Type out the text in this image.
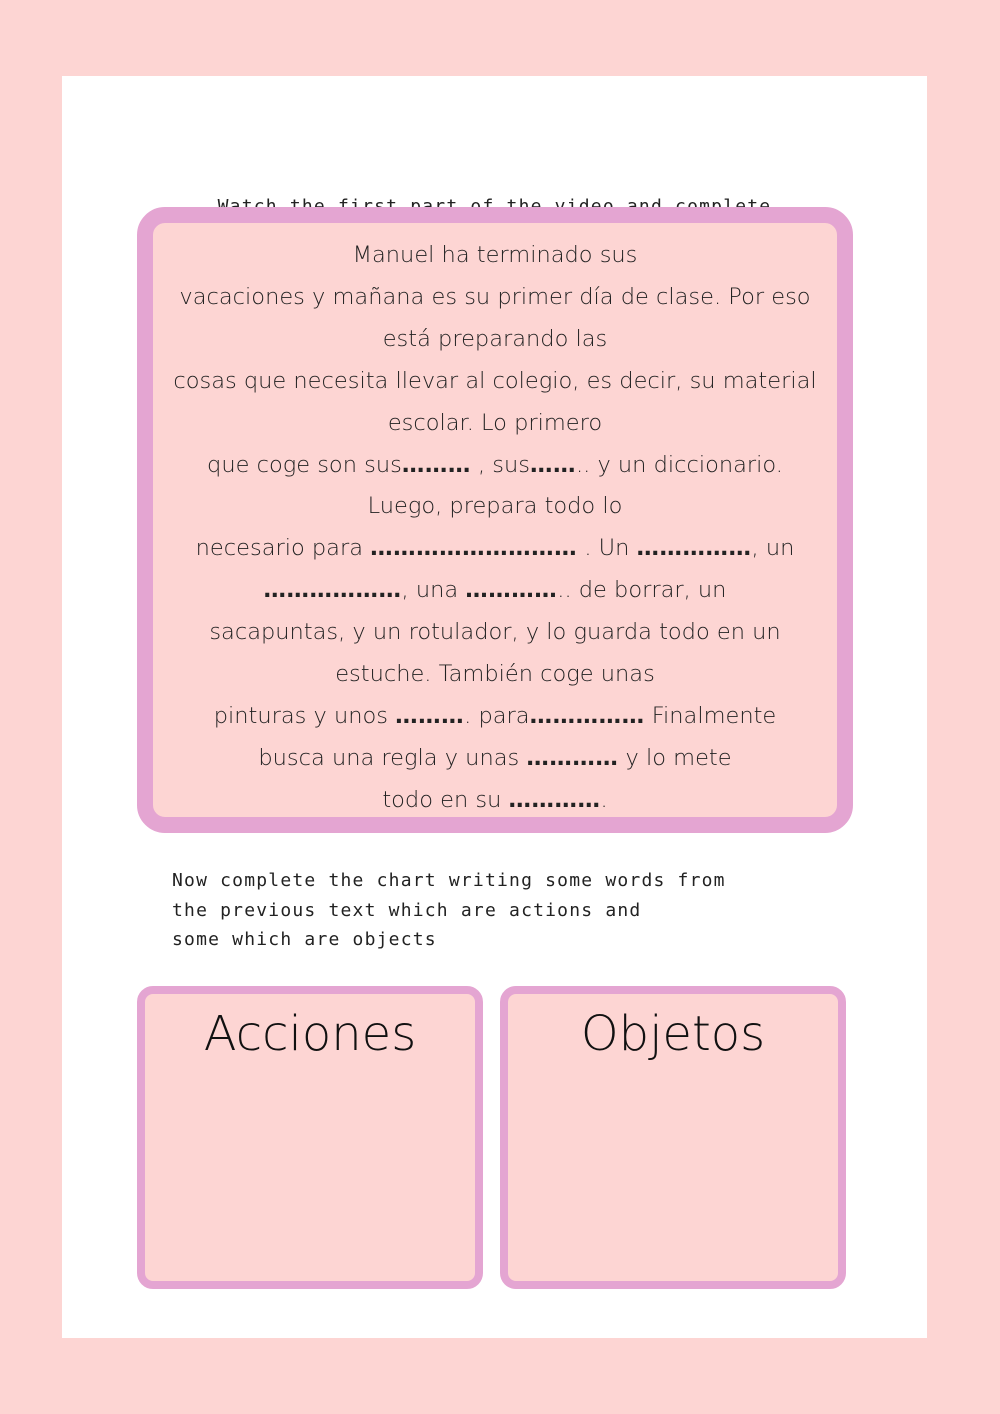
Manuel ha terminado sus
vacaciones y mañana es su primer día de clase. Por eso
está preparando las
cosas que necesita llevar al colegio, es decir, su material
escolar. Lo primero
que coge son sus……… , sus…….. y un diccionario.
Luego, prepara todo lo
necesario para ……………………… . Un ……………, un
………………, una ………….. de borrar, un
sacapuntas, y un rotulador, y lo guarda todo en un
estuche. También coge unas
pinturas y unos ………. para…………… Finalmente
busca una regla y unas ………… y lo mete
todo en su ………….
Now complete the chart writing some words from
the previous text which are actions and
some which are objects
Acciones	Objetos
